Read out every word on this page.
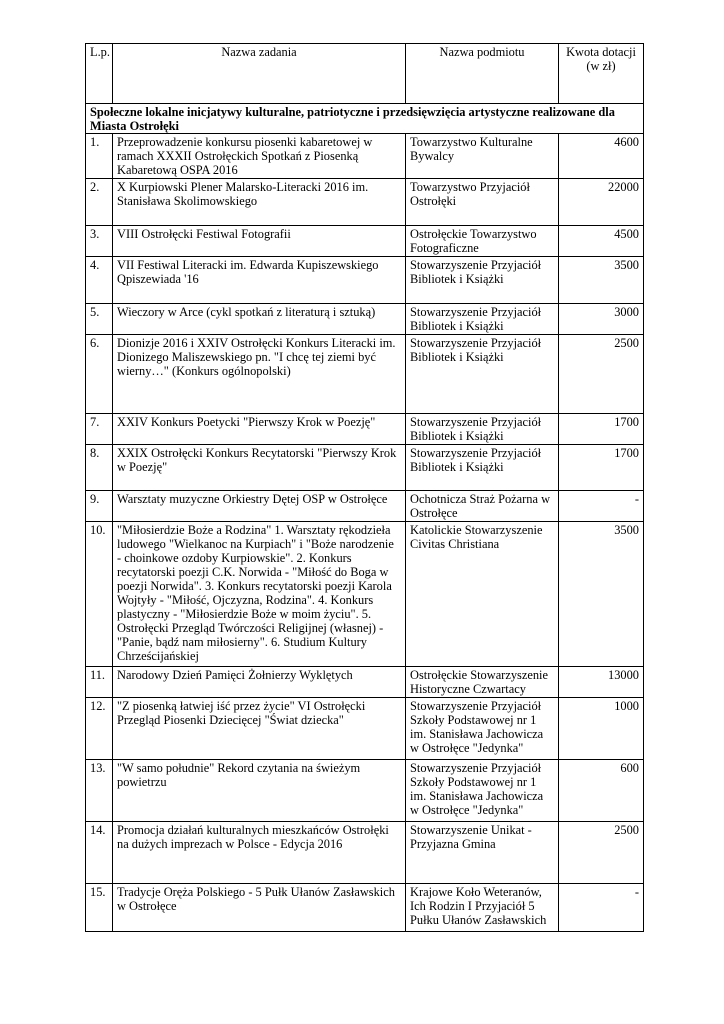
L.p.	Nazwa zadania	Nazwa podmiotu	Kwota dotacji (w zł)
Społeczne lokalne inicjatywy kulturalne, patriotyczne i przedsięwzięcia artystyczne realizowane dla Miasta Ostrołęki			
1.	Przeprowadzenie konkursu piosenki kabaretowej w ramach XXXII Ostrołęckich Spotkań z Piosenką Kabaretową OSPA 2016	Towarzystwo Kulturalne Bywalcy	4600
2.	X Kurpiowski Plener Malarsko-Literacki 2016 im. Stanisława Skolimowskiego	Towarzystwo Przyjaciół Ostrołęki	22000
3.	VIII Ostrołęcki Festiwal Fotografii	Ostrołęckie Towarzystwo Fotograficzne	4500
4.	VII Festiwal Literacki im. Edwarda Kupiszewskiego Qpiszewiada '16	Stowarzyszenie Przyjaciół Bibliotek i Książki	3500
5.	Wieczory w Arce (cykl spotkań z literaturą i sztuką)	Stowarzyszenie Przyjaciół Bibliotek i Książki	3000
6.	Dionizje 2016 i XXIV Ostrołęcki Konkurs Literacki im. Dionizego Maliszewskiego pn. "I chcę tej ziemi być wierny…" (Konkurs ogólnopolski)	Stowarzyszenie Przyjaciół Bibliotek i Książki	2500
7.	XXIV Konkurs Poetycki "Pierwszy Krok w Poezję"	Stowarzyszenie Przyjaciół Bibliotek i Książki	1700
8.	XXIX Ostrołęcki Konkurs Recytatorski "Pierwszy Krok w Poezję"	Stowarzyszenie Przyjaciół Bibliotek i Książki	1700
9.	Warsztaty muzyczne Orkiestry Dętej OSP w Ostrołęce	Ochotnicza Straż Pożarna w Ostrołęce	-
10.	"Miłosierdzie Boże a Rodzina" 1. Warsztaty rękodzieła ludowego "Wielkanoc na Kurpiach" i "Boże narodzenie - choinkowe ozdoby Kurpiowskie". 2. Konkurs recytatorski poezji C.K. Norwida - "Miłość do Boga w poezji Norwida". 3. Konkurs recytatorski poezji Karola Wojtyły - "Miłość, Ojczyzna, Rodzina". 4. Konkurs plastyczny - "Miłosierdzie Boże w moim życiu". 5. Ostrołęcki Przegląd Twórczości Religijnej (własnej) - "Panie, bądź nam miłosierny". 6. Studium Kultury Chrześcijańskiej	Katolickie Stowarzyszenie Civitas Christiana	3500
11.	Narodowy Dzień Pamięci Żołnierzy Wyklętych	Ostrołęckie Stowarzyszenie Historyczne Czwartacy	13000
12.	"Z piosenką łatwiej iść przez życie" VI Ostrołęcki Przegląd Piosenki Dziecięcej "Świat dziecka"	Stowarzyszenie Przyjaciół Szkoły Podstawowej nr 1 im. Stanisława Jachowicza w Ostrołęce "Jedynka"	1000
13.	"W samo południe" Rekord czytania na świeżym powietrzu	Stowarzyszenie Przyjaciół Szkoły Podstawowej nr 1 im. Stanisława Jachowicza w Ostrołęce "Jedynka"	600
14.	Promocja działań kulturalnych mieszkańców Ostrołęki na dużych imprezach w Polsce - Edycja 2016	Stowarzyszenie Unikat - Przyjazna Gmina	2500
15.	Tradycje Oręża Polskiego - 5 Pułk Ułanów Zasławskich w Ostrołęce	Krajowe Koło Weteranów, Ich Rodzin I Przyjaciół 5 Pułku Ułanów Zasławskich	-
